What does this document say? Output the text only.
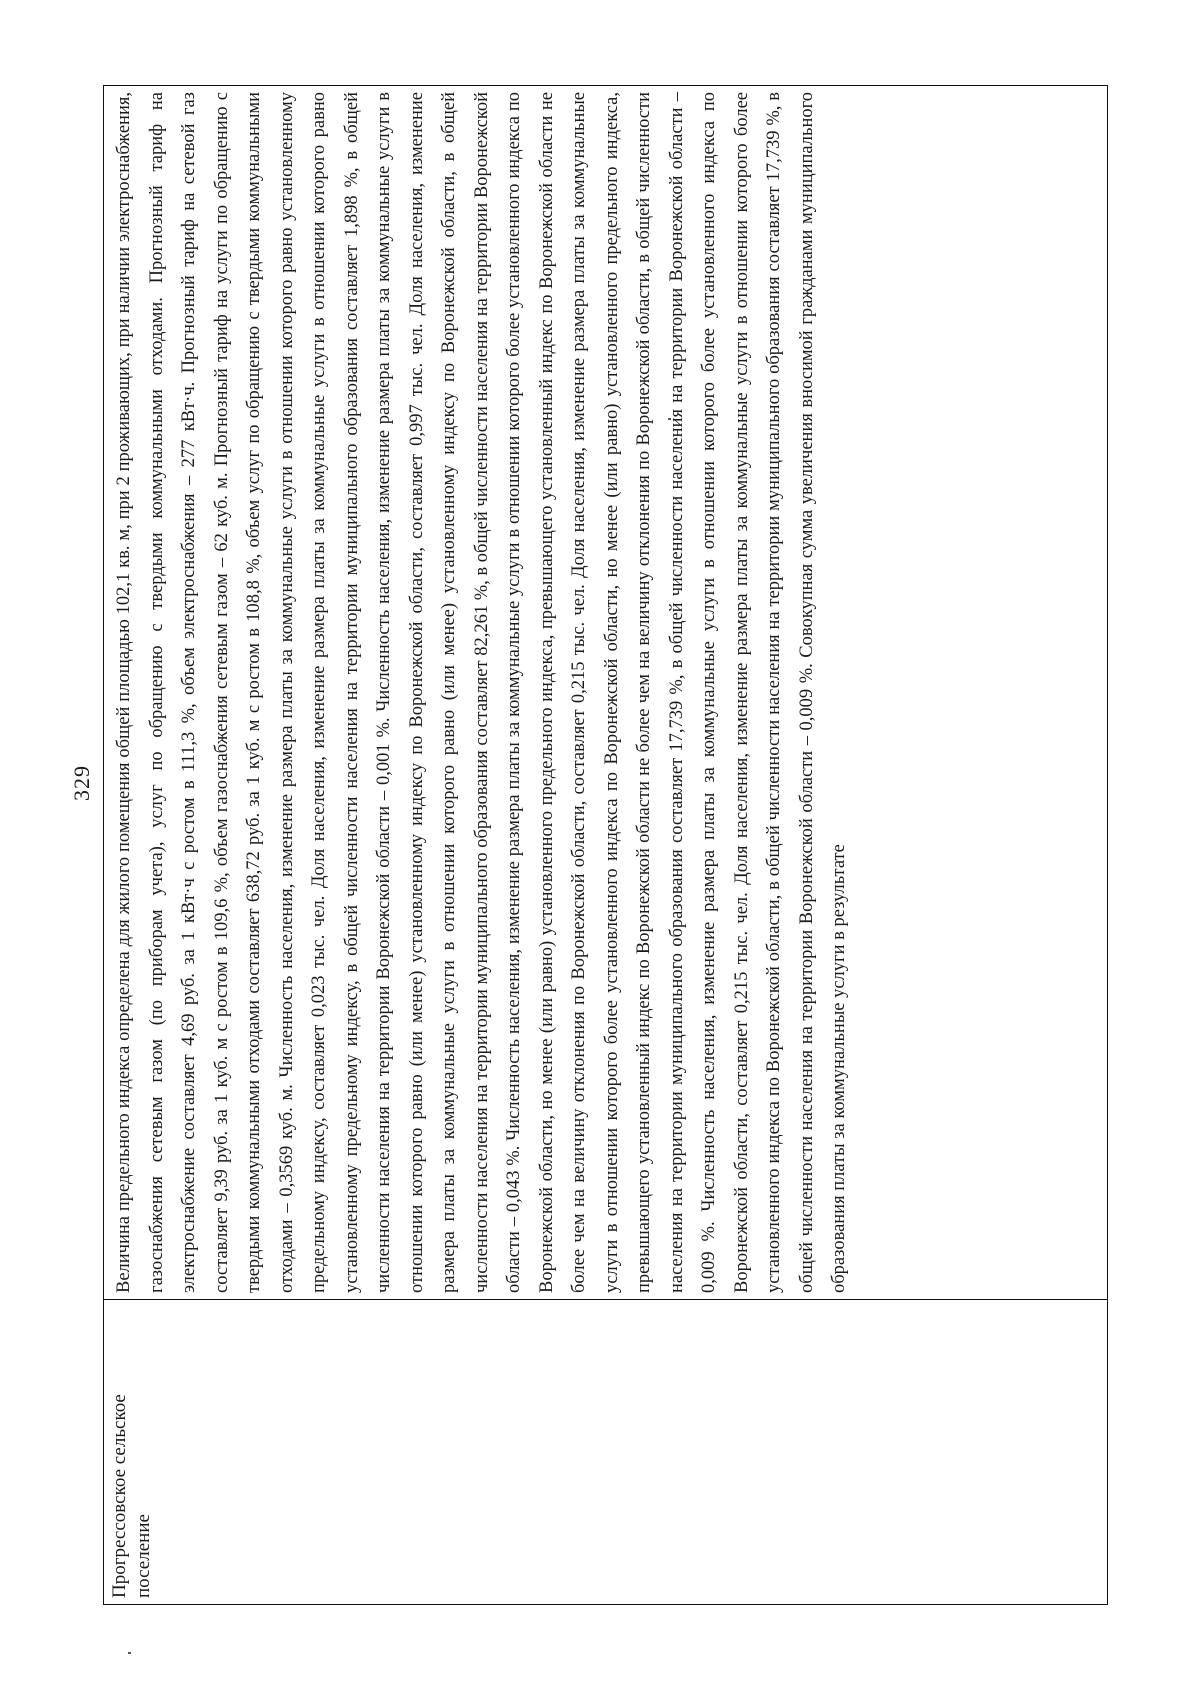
329
Прогрессовское сельское поселение	Величина предельного индекса определена для жилого помещения общей площадью 102,1 кв. м, при 2 проживающих, при наличии электроснабжения, газоснабжения сетевым газом (по приборам учета), услуг по обращению с твердыми коммунальными отходами. Прогнозный тариф на электроснабжение составляет 4,69 руб. за 1 кВт·ч с ростом в 111,3 %, объем электроснабжения – 277 кВт·ч. Прогнозный тариф на сетевой газ составляет 9,39 руб. за 1 куб. м с ростом в 109,6 %, объем газоснабжения сетевым газом – 62 куб. м. Прогнозный тариф на услуги по обращению с твердыми коммунальными отходами составляет 638,72 руб. за 1 куб. м с ростом в 108,8 %, объем услуг по обращению с твердыми коммунальными отходами – 0,3569 куб. м. Численность населения, изменение размера платы за коммунальные услуги в отношении которого равно установленному предельному индексу, составляет 0,023 тыс. чел. Доля населения, изменение размера платы за коммунальные услуги в отношении которого равно установленному предельному индексу, в общей численности населения на территории муниципального образования составляет 1,898 %, в общей численности населения на территории Воронежской области – 0,001 %. Численность населения, изменение размера платы за коммунальные услуги в отношении которого равно (или менее) установленному индексу по Воронежской области, составляет 0,997 тыс. чел. Доля населения, изменение размера платы за коммунальные услуги в отношении которого равно (или менее) установленному индексу по Воронежской области, в общей численности населения на территории муниципального образования составляет 82,261 %, в общей численности населения на территории Воронежской области – 0,043 %. Численность населения, изменение размера платы за коммунальные услуги в отношении которого более установленного индекса по Воронежской области, но менее (или равно) установленного предельного индекса, превышающего установленный индекс по Воронежской области не более чем на величину отклонения по Воронежской области, составляет 0,215 тыс. чел. Доля населения, изменение размера платы за коммунальные услуги в отношении которого более установленного индекса по Воронежской области, но менее (или равно) установленного предельного индекса, превышающего установленный индекс по Воронежской области не более чем на величину отклонения по Воронежской области, в общей численности населения на территории муниципального образования составляет 17,739 %, в общей численности населения на территории Воронежской области – 0,009 %. Численность населения, изменение размера платы за коммунальные услуги в отношении которого более установленного индекса по Воронежской области, составляет 0,215 тыс. чел. Доля населения, изменение размера платы за коммунальные услуги в отношении которого более установленного индекса по Воронежской области, в общей численности населения на территории муниципального образования составляет 17,739 %, в общей численности населения на территории Воронежской области – 0,009 %. Совокупная сумма увеличения вносимой гражданами муниципального образования платы за коммунальные услуги в результате
